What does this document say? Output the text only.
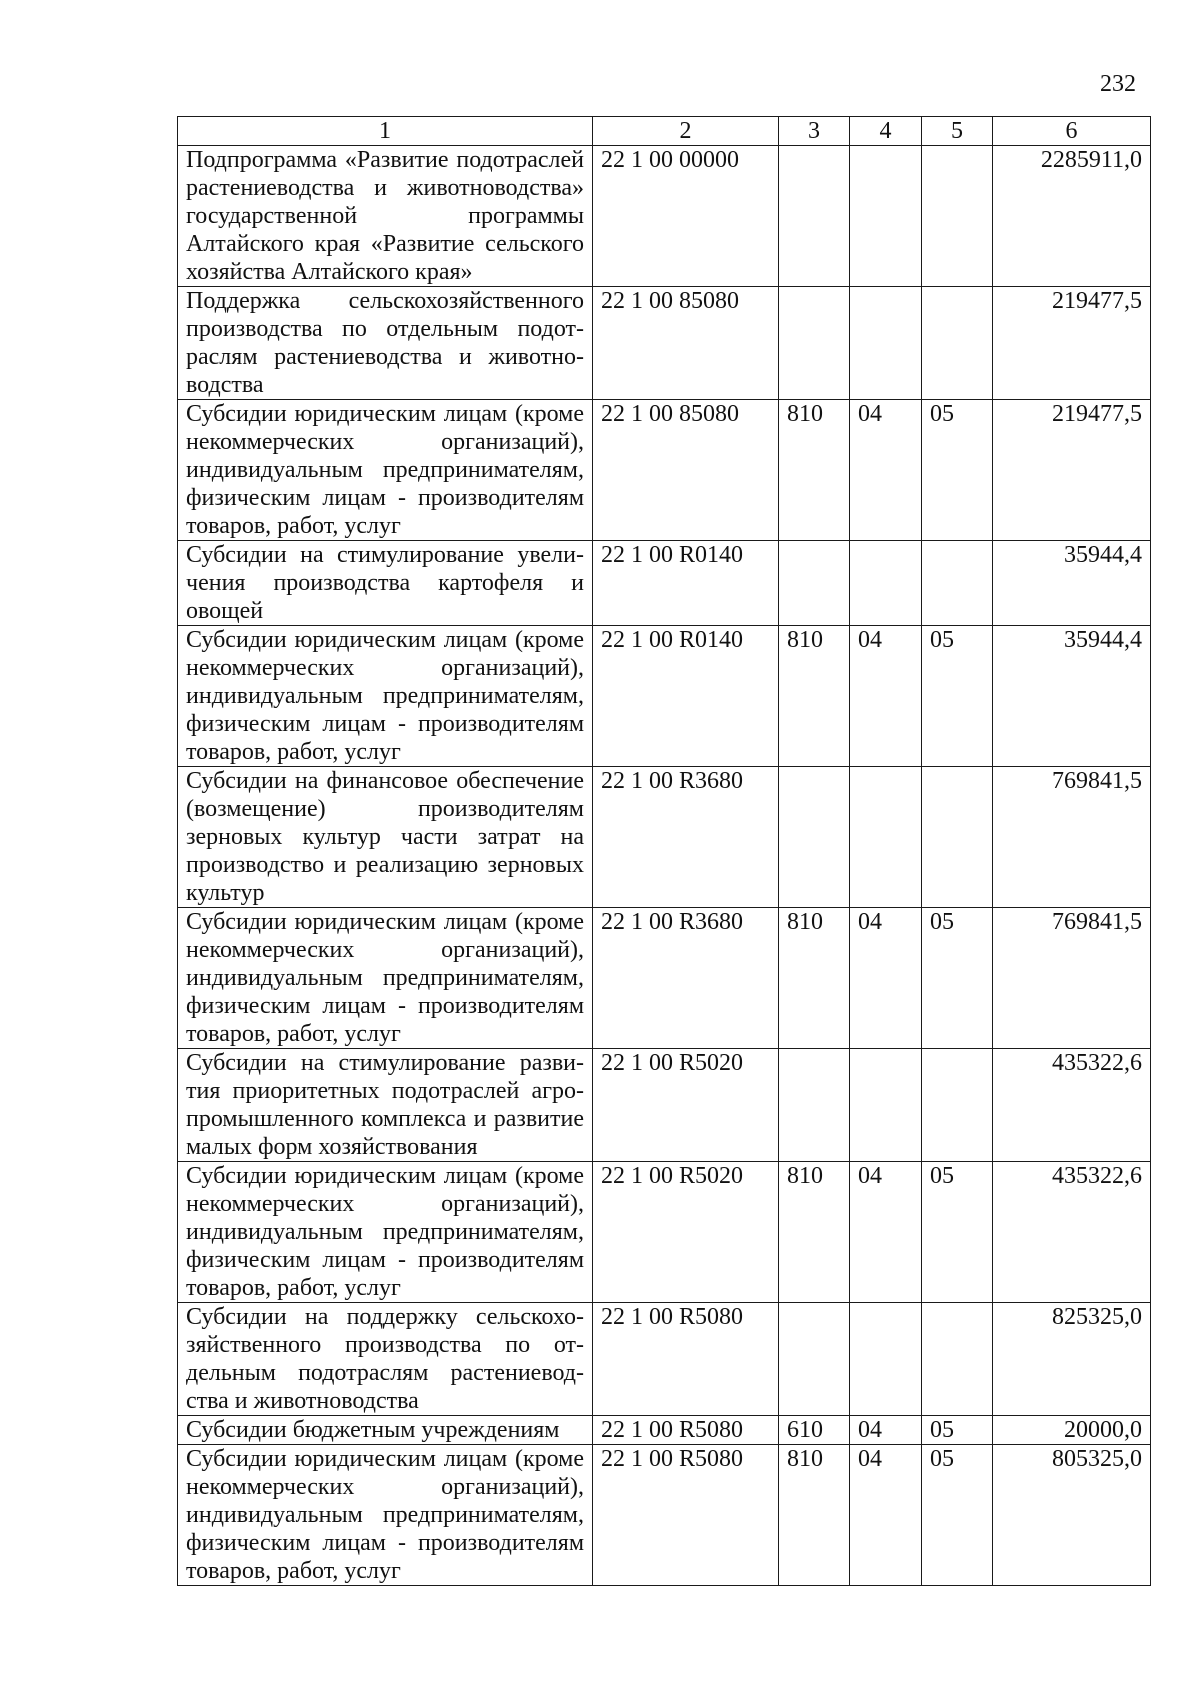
232
1	2	3	4	5	6
Подпрограмма «Развитие подотраслей растениеводства и животноводства» государственной программы Алтайского края «Развитие сельского хозяйства Алтайского края»	22 1 00 00000				2285911,0
Поддержка сельскохозяйственного производства по отдельным подотраслям растениеводства и животноводства	22 1 00 85080				219477,5
Субсидии юридическим лицам (кроме некоммерческих организаций), индивидуальным предпринимателям, физическим лицам - производителям товаров, работ, услуг	22 1 00 85080	810	04	05	219477,5
Субсидии на стимулирование увеличения производства картофеля и овощей	22 1 00 R0140				35944,4
Субсидии юридическим лицам (кроме некоммерческих организаций), индивидуальным предпринимателям, физическим лицам - производителям товаров, работ, услуг	22 1 00 R0140	810	04	05	35944,4
Субсидии на финансовое обеспечение (возмещение) производителям зерновых культур части затрат на производство и реализацию зерновых культур	22 1 00 R3680				769841,5
Субсидии юридическим лицам (кроме некоммерческих организаций), индивидуальным предпринимателям, физическим лицам - производителям товаров, работ, услуг	22 1 00 R3680	810	04	05	769841,5
Субсидии на стимулирование развития приоритетных подотраслей агропромышленного комплекса и развитие малых форм хозяйствования	22 1 00 R5020				435322,6
Субсидии юридическим лицам (кроме некоммерческих организаций), индивидуальным предпринимателям, физическим лицам - производителям товаров, работ, услуг	22 1 00 R5020	810	04	05	435322,6
Субсидии на поддержку сельскохозяйственного производства по отдельным подотраслям растениеводства и животноводства	22 1 00 R5080				825325,0
Субсидии бюджетным учреждениям	22 1 00 R5080	610	04	05	20000,0
Субсидии юридическим лицам (кроме некоммерческих организаций), индивидуальным предпринимателям, физическим лицам - производителям товаров, работ, услуг	22 1 00 R5080	810	04	05	805325,0
